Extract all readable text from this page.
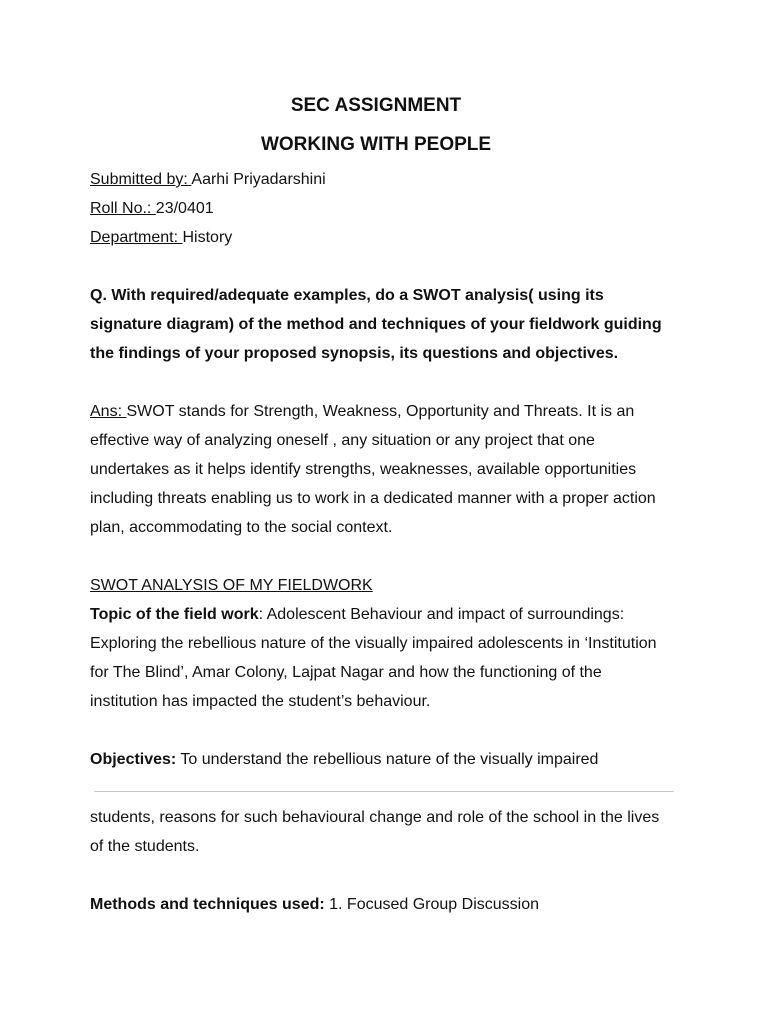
SEC ASSIGNMENT
WORKING WITH PEOPLE
Submitted by: Aarhi Priyadarshini
Roll No.: 23/0401
Department: History
Q. With required/adequate examples, do a SWOT analysis( using its
signature diagram) of the method and techniques of your fieldwork guiding
the findings of your proposed synopsis, its questions and objectives.
Ans: SWOT stands for Strength, Weakness, Opportunity and Threats. It is an
effective way of analyzing oneself , any situation or any project that one
undertakes as it helps identify strengths, weaknesses, available opportunities
including threats enabling us to work in a dedicated manner with a proper action
plan, accommodating to the social context.
SWOT ANALYSIS OF MY FIELDWORK
Topic of the field work: Adolescent Behaviour and impact of surroundings:
Exploring the rebellious nature of the visually impaired adolescents in ‘Institution
for The Blind’, Amar Colony, Lajpat Nagar and how the functioning of the
institution has impacted the student’s behaviour.
Objectives: To understand the rebellious nature of the visually impaired
students, reasons for such behavioural change and role of the school in the lives
of the students.
Methods and techniques used: 1. Focused Group Discussion
